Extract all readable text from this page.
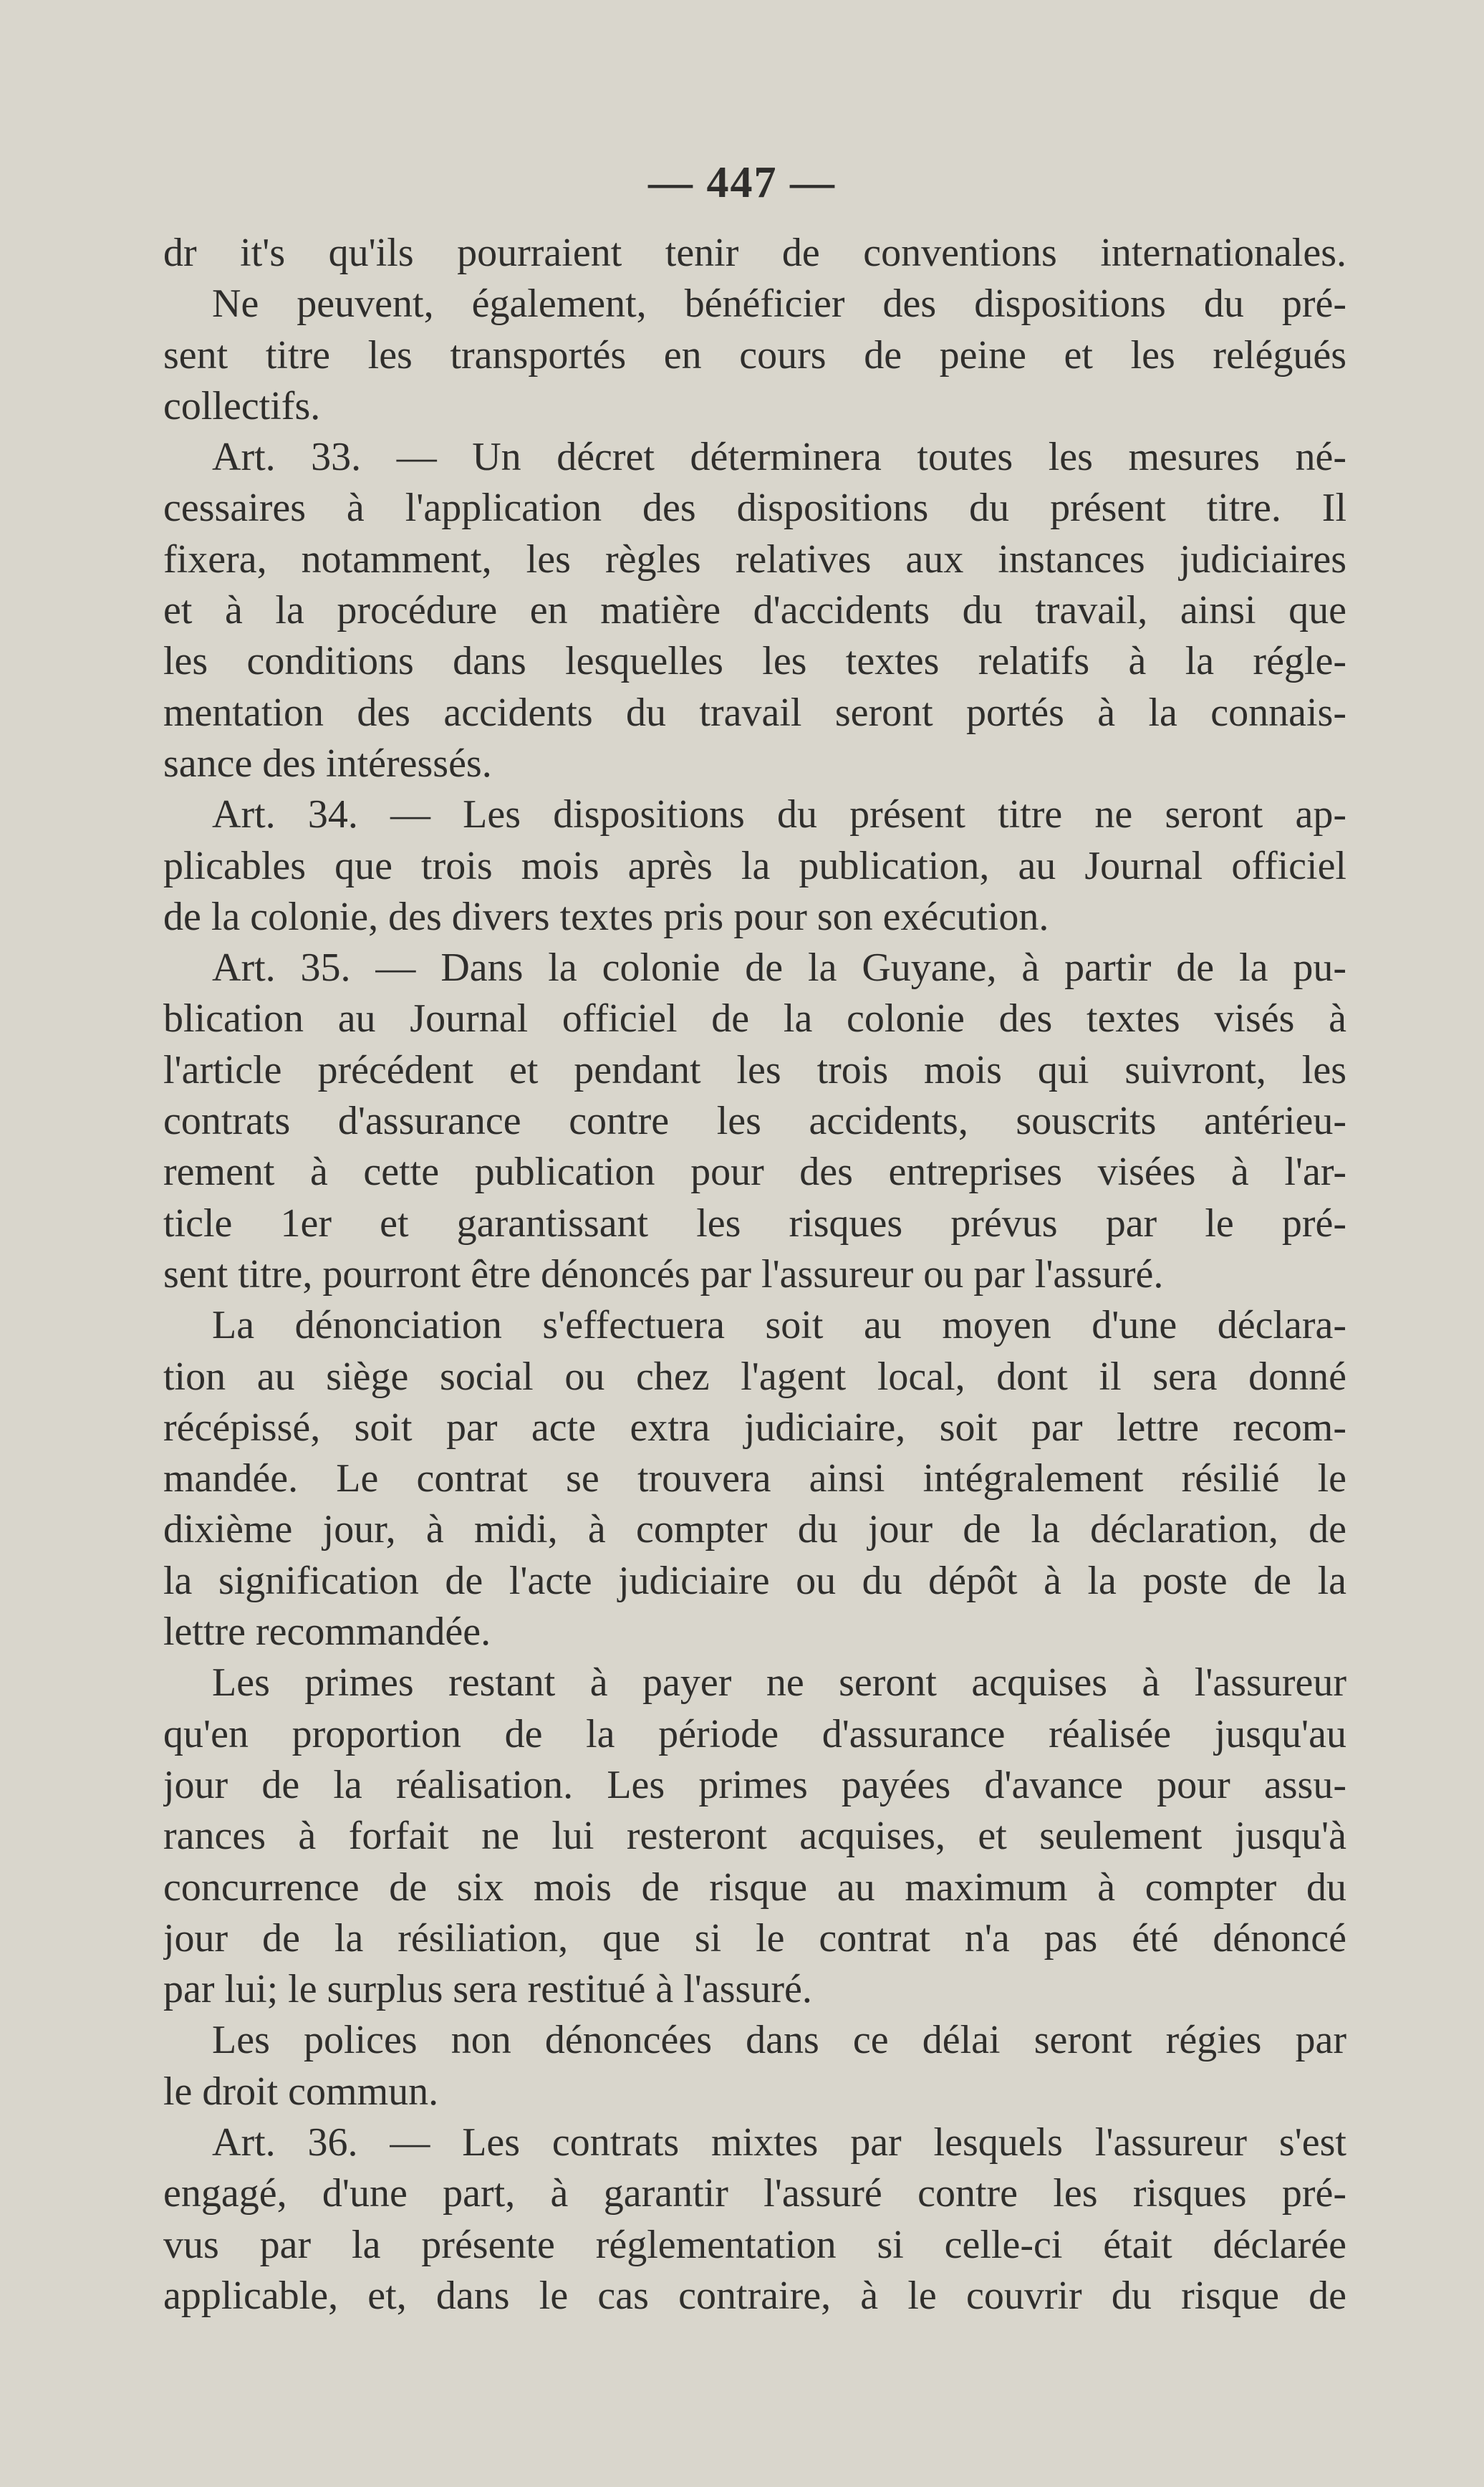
— 447 —
dr it's qu'ils pourraient tenir de conventions internationales.
Ne peuvent, également, bénéficier des dispositions du pré-
sent titre les transportés en cours de peine et les relégués
collectifs.
Art. 33. — Un décret déterminera toutes les mesures né-
cessaires à l'application des dispositions du présent titre. Il
fixera, notamment, les règles relatives aux instances judiciaires
et à la procédure en matière d'accidents du travail, ainsi que
les conditions dans lesquelles les textes relatifs à la régle-
mentation des accidents du travail seront portés à la connais-
sance des intéressés.
Art. 34. — Les dispositions du présent titre ne seront ap-
plicables que trois mois après la publication, au Journal officiel
de la colonie, des divers textes pris pour son exécution.
Art. 35. — Dans la colonie de la Guyane, à partir de la pu-
blication au Journal officiel de la colonie des textes visés à
l'article précédent et pendant les trois mois qui suivront, les
contrats d'assurance contre les accidents, souscrits antérieu-
rement à cette publication pour des entreprises visées à l'ar-
ticle 1er et garantissant les risques prévus par le pré-
sent titre, pourront être dénoncés par l'assureur ou par l'assuré.
La dénonciation s'effectuera soit au moyen d'une déclara-
tion au siège social ou chez l'agent local, dont il sera donné
récépissé, soit par acte extra judiciaire, soit par lettre recom-
mandée. Le contrat se trouvera ainsi intégralement résilié le
dixième jour, à midi, à compter du jour de la déclaration, de
la signification de l'acte judiciaire ou du dépôt à la poste de la
lettre recommandée.
Les primes restant à payer ne seront acquises à l'assureur
qu'en proportion de la période d'assurance réalisée jusqu'au
jour de la réalisation. Les primes payées d'avance pour assu-
rances à forfait ne lui resteront acquises, et seulement jusqu'à
concurrence de six mois de risque au maximum à compter du
jour de la résiliation, que si le contrat n'a pas été dénoncé
par lui; le surplus sera restitué à l'assuré.
Les polices non dénoncées dans ce délai seront régies par
le droit commun.
Art. 36. — Les contrats mixtes par lesquels l'assureur s'est
engagé, d'une part, à garantir l'assuré contre les risques pré-
vus par la présente réglementation si celle-ci était déclarée
applicable, et, dans le cas contraire, à le couvrir du risque de
